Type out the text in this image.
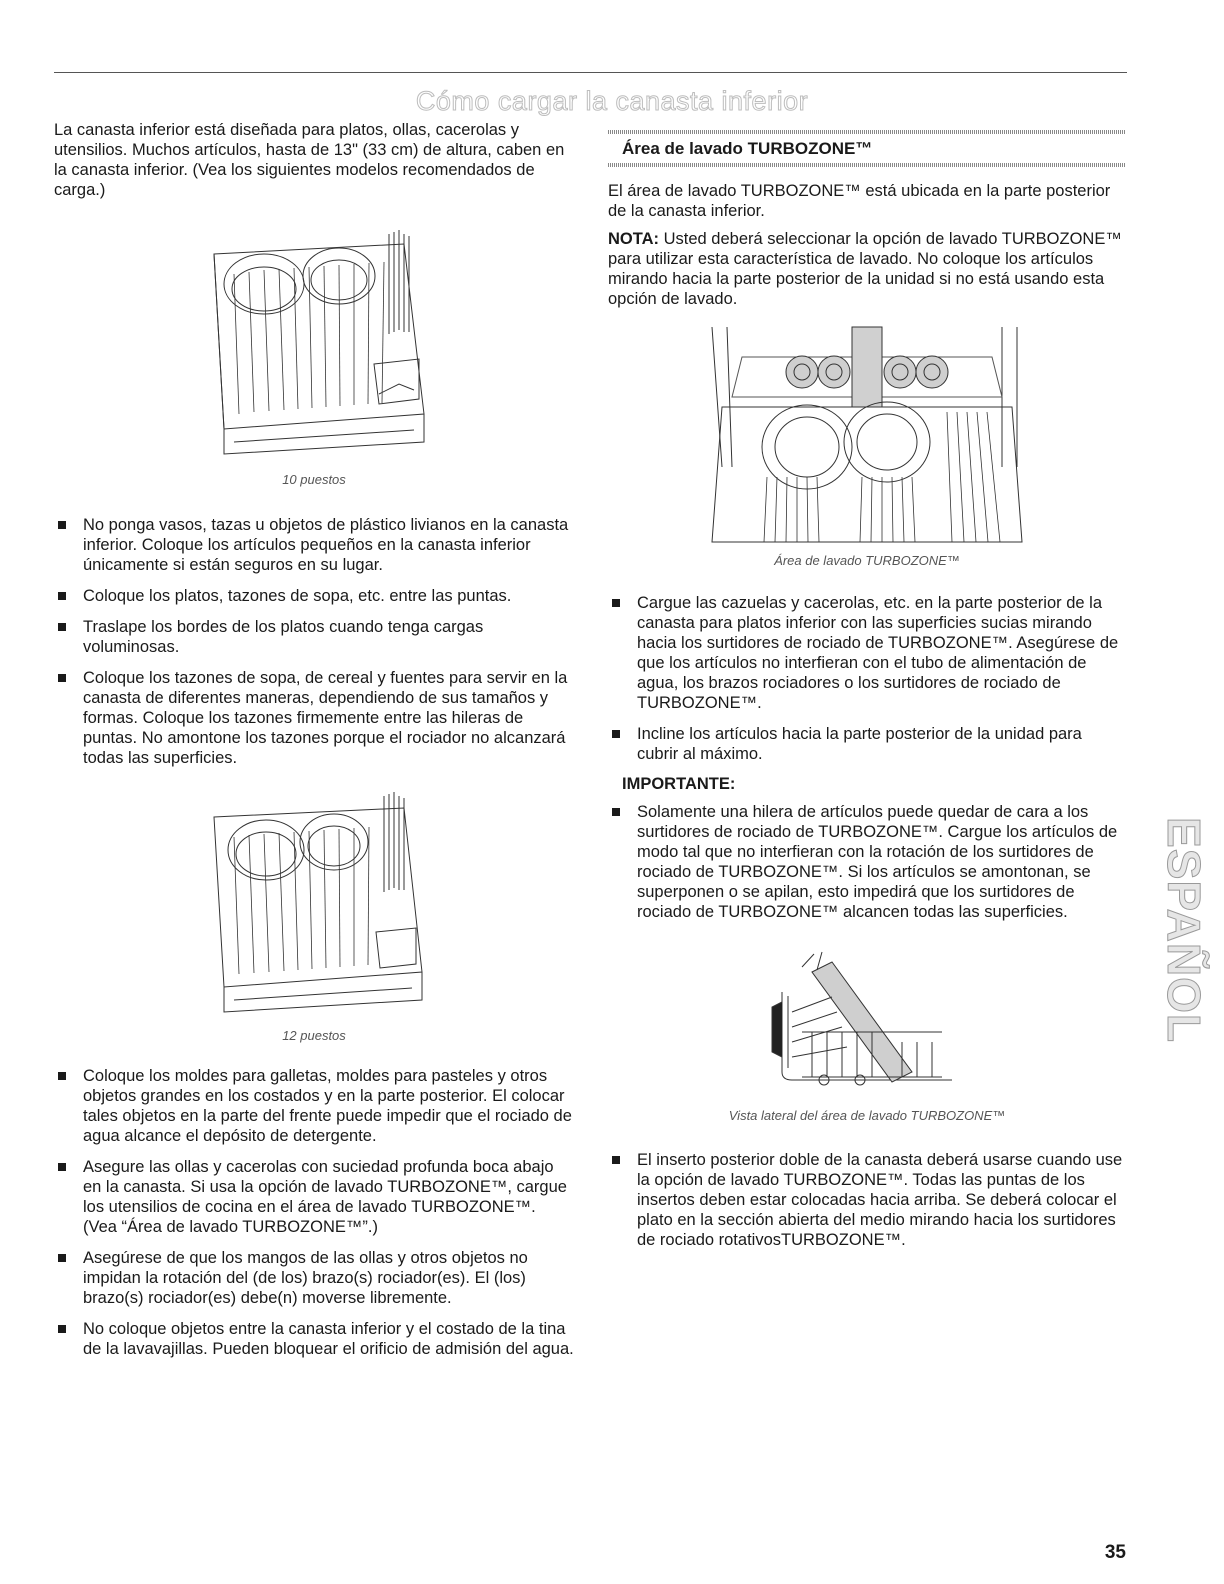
Cómo cargar la canasta inferior

La canasta inferior está diseñada para platos, ollas, cacerolas y utensilios. Muchos artículos, hasta de 13" (33 cm) de altura, caben en la canasta inferior. (Vea los siguientes modelos recomendados de carga.)

10 puestos

No ponga vasos, tazas u objetos de plástico livianos en la canasta inferior. Coloque los artículos pequeños en la canasta inferior únicamente si están seguros en su lugar.
Coloque los platos, tazones de sopa, etc. entre las puntas.
Traslape los bordes de los platos cuando tenga cargas voluminosas.
Coloque los tazones de sopa, de cereal y fuentes para servir en la canasta de diferentes maneras, dependiendo de sus tamaños y formas. Coloque los tazones firmemente entre las hileras de puntas. No amontone los tazones porque el rociador no alcanzará todas las superficies.

12 puestos

Coloque los moldes para galletas, moldes para pasteles y otros objetos grandes en los costados y en la parte posterior. El colocar tales objetos en la parte del frente puede impedir que el rociado de agua alcance el depósito de detergente.
Asegure las ollas y cacerolas con suciedad profunda boca abajo en la canasta. Si usa la opción de lavado TURBOZONE™, cargue los utensilios de cocina en el área de lavado TURBOZONE™. (Vea “Área de lavado TURBOZONE™”.)
Asegúrese de que los mangos de las ollas y otros objetos no impidan la rotación del (de los) brazo(s) rociador(es). El (los) brazo(s) rociador(es) debe(n) moverse libremente.
No coloque objetos entre la canasta inferior y el costado de la tina de la lavavajillas. Pueden bloquear el orificio de admisión del agua.
Área de lavado TURBOZONE™

El área de lavado TURBOZONE™ está ubicada en la parte posterior de la canasta inferior.

NOTA: Usted deberá seleccionar la opción de lavado TURBOZONE™ para utilizar esta característica de lavado. No coloque los artículos mirando hacia la parte posterior de la unidad si no está usando esta opción de lavado.

Área de lavado TURBOZONE™

Cargue las cazuelas y cacerolas, etc. en la parte posterior de la canasta para platos inferior con las superficies sucias mirando hacia los surtidores de rociado de TURBOZONE™. Asegúrese de que los artículos no interfieran con el tubo de alimentación de agua, los brazos rociadores o los surtidores de rociado de TURBOZONE™.
Incline los artículos hacia la parte posterior de la unidad para cubrir al máximo.
IMPORTANTE:
Solamente una hilera de artículos puede quedar de cara a los surtidores de rociado de TURBOZONE™. Cargue los artículos de modo tal que no interfieran con la rotación de los surtidores de rociado de TURBOZONE™. Si los artículos se amontonan, se superponen o se apilan, esto impedirá que los surtidores de rociado de TURBOZONE™ alcancen todas las superficies.

Vista lateral del área de lavado TURBOZONE™

El inserto posterior doble de la canasta deberá usarse cuando use la opción de lavado TURBOZONE™. Todas las puntas de los insertos deben estar colocadas hacia arriba. Se deberá colocar el plato en la sección abierta del medio mirando hacia los surtidores de rociado rotativosTURBOZONE™.
ESPAÑOL
35
